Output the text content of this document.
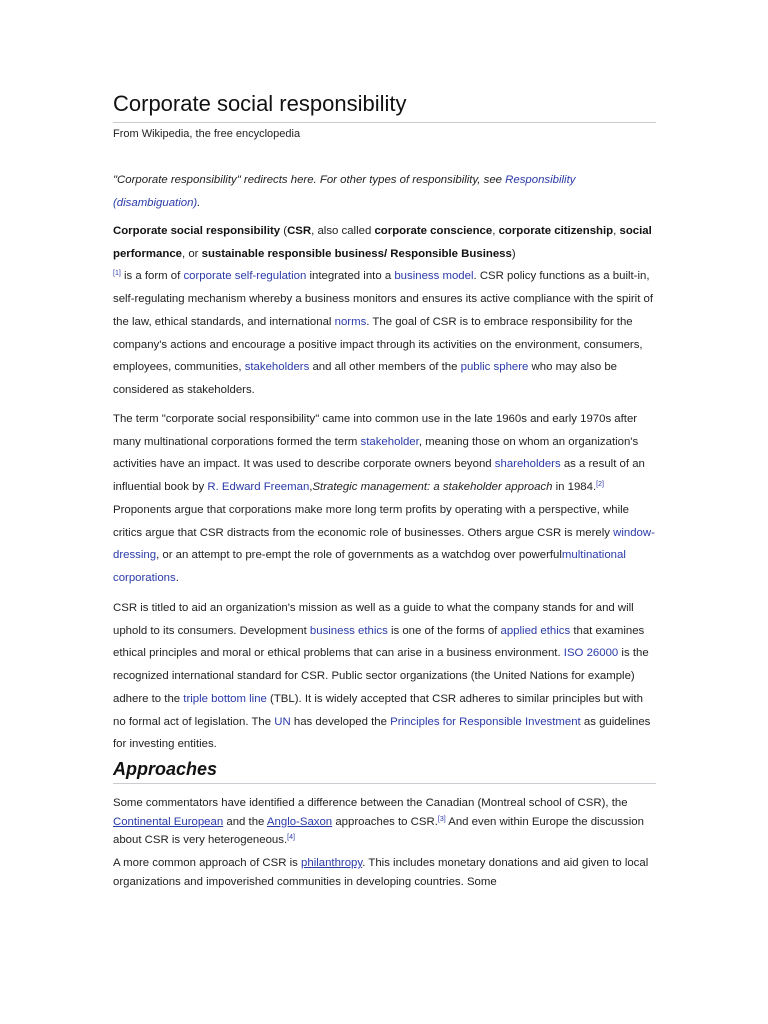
Corporate social responsibility
From Wikipedia, the free encyclopedia
"Corporate responsibility" redirects here. For other types of responsibility, see Responsibility (disambiguation).
Corporate social responsibility (CSR, also called corporate conscience, corporate citizenship, social performance, or sustainable responsible business/ Responsible Business)
[1] is a form of corporate self-regulation integrated into a business model. CSR policy functions as a built-in, self-regulating mechanism whereby a business monitors and ensures its active compliance with the spirit of the law, ethical standards, and international norms. The goal of CSR is to embrace responsibility for the company's actions and encourage a positive impact through its activities on the environment, consumers, employees, communities, stakeholders and all other members of the public sphere who may also be considered as stakeholders.
The term "corporate social responsibility" came into common use in the late 1960s and early 1970s after many multinational corporations formed the term stakeholder, meaning those on whom an organization's activities have an impact. It was used to describe corporate owners beyond shareholders as a result of an influential book by R. Edward Freeman,Strategic management: a stakeholder approach in 1984.[2] Proponents argue that corporations make more long term profits by operating with a perspective, while critics argue that CSR distracts from the economic role of businesses. Others argue CSR is merely window-dressing, or an attempt to pre-empt the role of governments as a watchdog over powerfulmultinational corporations.
CSR is titled to aid an organization's mission as well as a guide to what the company stands for and will uphold to its consumers. Development business ethics is one of the forms of applied ethics that examines ethical principles and moral or ethical problems that can arise in a business environment. ISO 26000 is the recognized international standard for CSR. Public sector organizations (the United Nations for example) adhere to the triple bottom line (TBL). It is widely accepted that CSR adheres to similar principles but with no formal act of legislation. The UN has developed the Principles for Responsible Investment as guidelines for investing entities.
Approaches
Some commentators have identified a difference between the Canadian (Montreal school of CSR), the Continental European and the Anglo-Saxon approaches to CSR.[3] And even within Europe the discussion about CSR is very heterogeneous.[4]
A more common approach of CSR is philanthropy. This includes monetary donations and aid given to local organizations and impoverished communities in developing countries. Some
